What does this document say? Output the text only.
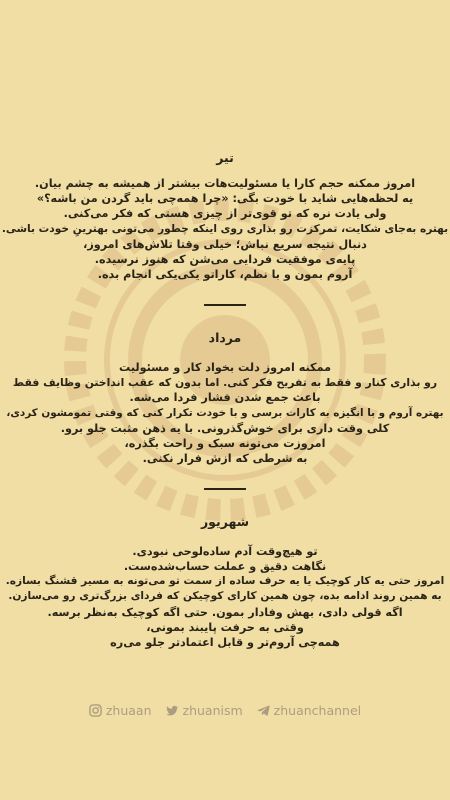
تیر

امروز ممکنه حجم کارا یا مسئولیت‌هات بیشتر از همیشه به چشم بیان.

یه لحظه‌هایی شاید با خودت بگی: «چرا همه‌چی باید گردن من باشه؟»

ولی یادت نره که تو قوی‌تر از چیزی هستی که فکر می‌کنی.

بهتره به‌جای شکایت، تمرکزت رو بذاری روی اینکه چطور می‌تونی بهترینِ خودت باشی.

دنبال نتیجه سریع نباش؛ خیلی وقتا تلاش‌های امروز،

پایه‌ی موفقیت فردایی می‌شن که هنوز نرسیده.

آروم بمون و با نظم، کاراتو یکی‌یکی انجام بده.

مرداد

ممکنه امروز دلت بخواد کار و مسئولیت

رو بذاری کنار و فقط به تفریح فکر کنی. اما بدون که عقب انداختن وظایف فقط

باعث جمع شدن فشار فردا می‌شه.

بهتره آروم و با انگیزه به کارات برسی و با خودت تکرار کنی که وقتی تمومشون کردی،

کلی وقت داری برای خوش‌گذرونی. با یه ذهن مثبت جلو برو.

امروزت می‌تونه سبک و راحت بگذره،

به شرطی که ازش فرار نکنی.

شهریور

تو هیچ‌وقت آدم ساده‌لوحی نبودی.

نگاهت دقیق و عملت حساب‌شده‌ست.

امروز حتی یه کار کوچیک یا یه حرف ساده از سمت تو می‌تونه به مسیر قشنگ بسازه.

به همین روند ادامه بده، چون همین کارای کوچیکن که فردای بزرگ‌تری رو می‌سازن.

اگه قولی دادی، بهش وفادار بمون. حتی اگه کوچیک به‌نظر برسه.

وقتی به حرفت پایبند بمونی،

همه‌چی آروم‌تر و قابل اعتمادتر جلو می‌ره

zhuaan zhuanism zhuanchannel
